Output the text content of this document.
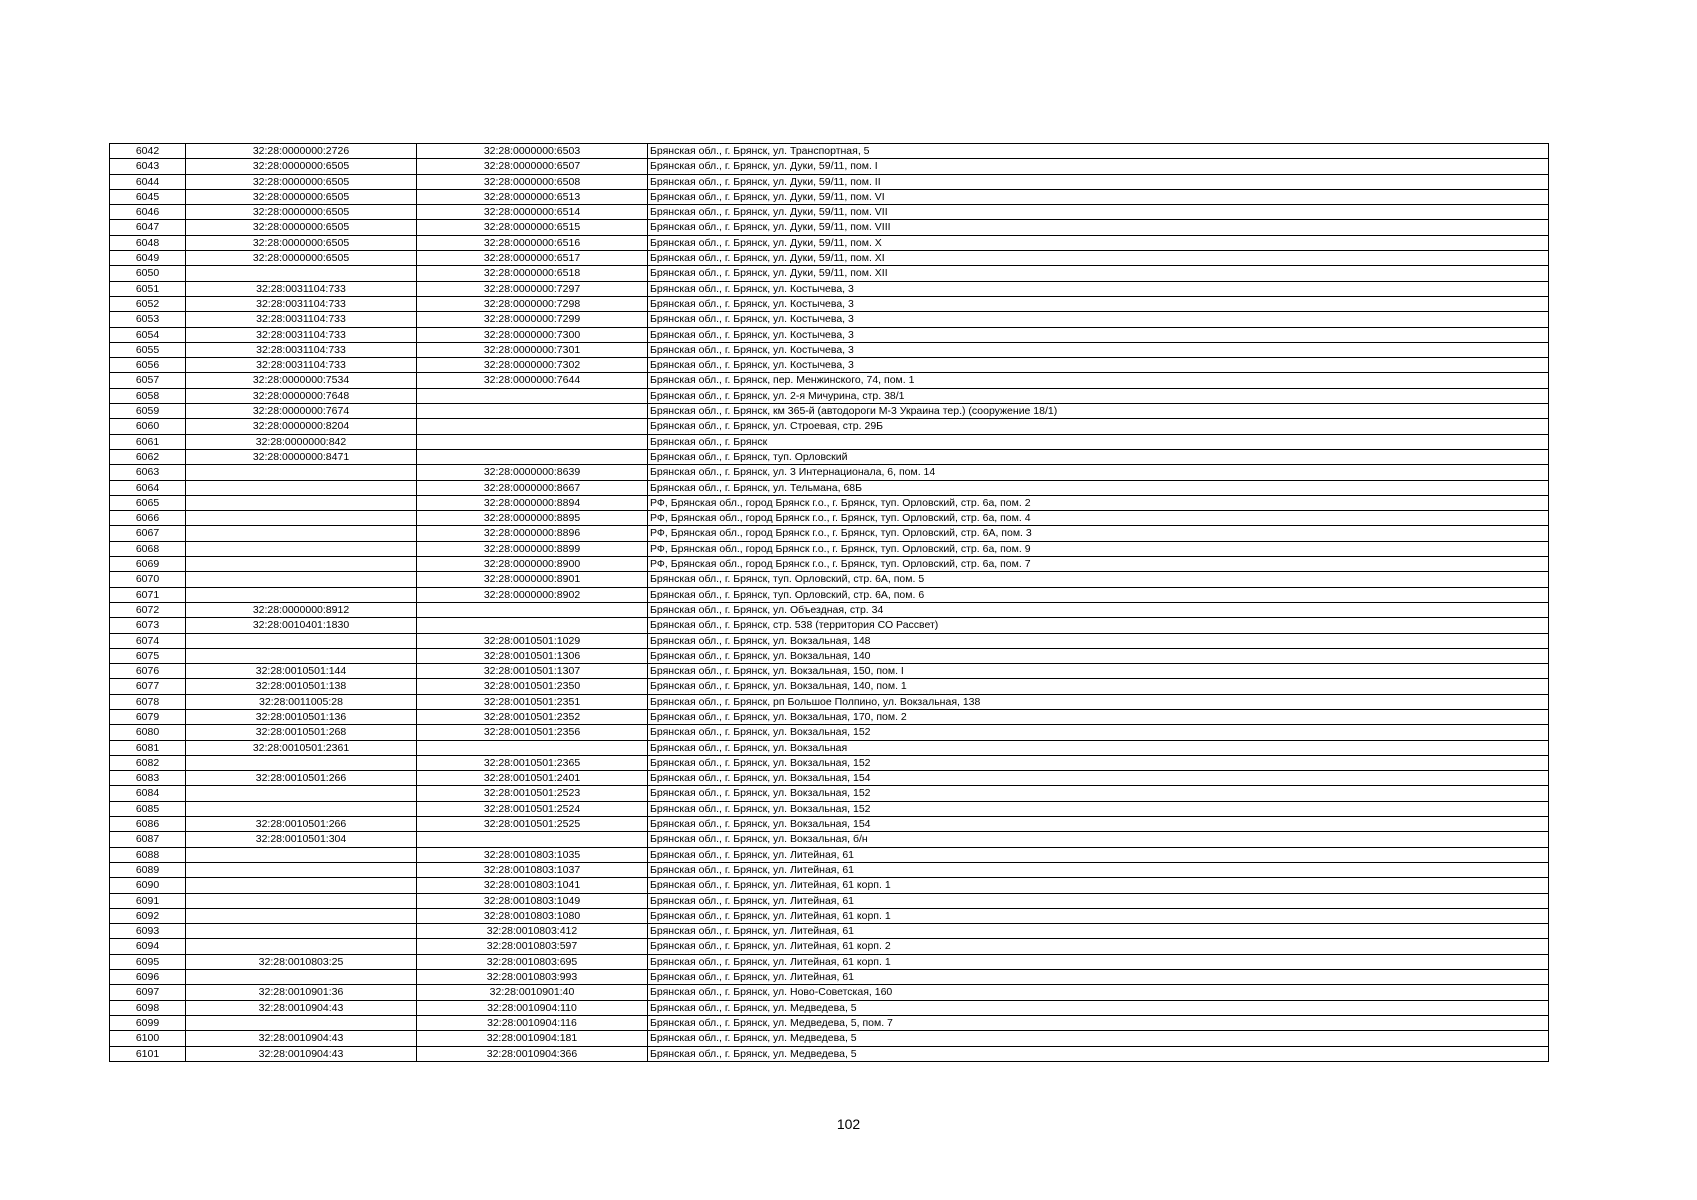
6042	32:28:0000000:2726	32:28:0000000:6503	Брянская обл., г. Брянск, ул. Транспортная, 5
6043	32:28:0000000:6505	32:28:0000000:6507	Брянская обл., г. Брянск, ул. Дуки, 59/11, пом. I
6044	32:28:0000000:6505	32:28:0000000:6508	Брянская обл., г. Брянск, ул. Дуки, 59/11, пом. II
6045	32:28:0000000:6505	32:28:0000000:6513	Брянская обл., г. Брянск, ул. Дуки, 59/11, пом. VI
6046	32:28:0000000:6505	32:28:0000000:6514	Брянская обл., г. Брянск, ул. Дуки, 59/11, пом. VII
6047	32:28:0000000:6505	32:28:0000000:6515	Брянская обл., г. Брянск, ул. Дуки, 59/11, пом. VIII
6048	32:28:0000000:6505	32:28:0000000:6516	Брянская обл., г. Брянск, ул. Дуки, 59/11, пом. X
6049	32:28:0000000:6505	32:28:0000000:6517	Брянская обл., г. Брянск, ул. Дуки, 59/11, пом. XI
6050		32:28:0000000:6518	Брянская обл., г. Брянск, ул. Дуки, 59/11, пом. XII
6051	32:28:0031104:733	32:28:0000000:7297	Брянская обл., г. Брянск, ул. Костычева, 3
6052	32:28:0031104:733	32:28:0000000:7298	Брянская обл., г. Брянск, ул. Костычева, 3
6053	32:28:0031104:733	32:28:0000000:7299	Брянская обл., г. Брянск, ул. Костычева, 3
6054	32:28:0031104:733	32:28:0000000:7300	Брянская обл., г. Брянск, ул. Костычева, 3
6055	32:28:0031104:733	32:28:0000000:7301	Брянская обл., г. Брянск, ул. Костычева, 3
6056	32:28:0031104:733	32:28:0000000:7302	Брянская обл., г. Брянск, ул. Костычева, 3
6057	32:28:0000000:7534	32:28:0000000:7644	Брянская обл., г. Брянск, пер. Менжинского, 74, пом. 1
6058	32:28:0000000:7648		Брянская обл., г. Брянск, ул. 2-я Мичурина, стр. 38/1
6059	32:28:0000000:7674		Брянская обл., г. Брянск, км 365-й (автодороги М-3 Украина тер.) (сооружение 18/1)
6060	32:28:0000000:8204		Брянская обл., г. Брянск, ул. Строевая, стр. 29Б
6061	32:28:0000000:842		Брянская обл., г. Брянск
6062	32:28:0000000:8471		Брянская обл., г. Брянск, туп. Орловский
6063		32:28:0000000:8639	Брянская обл., г. Брянск, ул. 3 Интернационала, 6, пом. 14
6064		32:28:0000000:8667	Брянская обл., г. Брянск, ул. Тельмана, 68Б
6065		32:28:0000000:8894	РФ, Брянская обл., город Брянск г.о., г. Брянск, туп. Орловский, стр. 6а, пом. 2
6066		32:28:0000000:8895	РФ, Брянская обл., город Брянск г.о., г. Брянск, туп. Орловский, стр. 6а, пом. 4
6067		32:28:0000000:8896	РФ, Брянская обл., город Брянск г.о., г. Брянск, туп. Орловский, стр. 6А, пом. 3
6068		32:28:0000000:8899	РФ, Брянская обл., город Брянск г.о., г. Брянск, туп. Орловский, стр. 6а, пом. 9
6069		32:28:0000000:8900	РФ, Брянская обл., город Брянск г.о., г. Брянск, туп. Орловский, стр. 6а, пом. 7
6070		32:28:0000000:8901	Брянская обл., г. Брянск, туп. Орловский, стр. 6А, пом. 5
6071		32:28:0000000:8902	Брянская обл., г. Брянск, туп. Орловский, стр. 6А, пом. 6
6072	32:28:0000000:8912		Брянская обл., г. Брянск, ул. Объездная, стр. 34
6073	32:28:0010401:1830		Брянская обл., г. Брянск, стр. 538 (территория СО Рассвет)
6074		32:28:0010501:1029	Брянская обл., г. Брянск, ул. Вокзальная, 148
6075		32:28:0010501:1306	Брянская обл., г. Брянск, ул. Вокзальная, 140
6076	32:28:0010501:144	32:28:0010501:1307	Брянская обл., г. Брянск, ул. Вокзальная, 150, пом. I
6077	32:28:0010501:138	32:28:0010501:2350	Брянская обл., г. Брянск, ул. Вокзальная, 140, пом. 1
6078	32:28:0011005:28	32:28:0010501:2351	Брянская обл., г. Брянск, рп Большое Полпино, ул. Вокзальная, 138
6079	32:28:0010501:136	32:28:0010501:2352	Брянская обл., г. Брянск, ул. Вокзальная, 170, пом. 2
6080	32:28:0010501:268	32:28:0010501:2356	Брянская обл., г. Брянск, ул. Вокзальная, 152
6081	32:28:0010501:2361		Брянская обл., г. Брянск, ул. Вокзальная
6082		32:28:0010501:2365	Брянская обл., г. Брянск, ул. Вокзальная, 152
6083	32:28:0010501:266	32:28:0010501:2401	Брянская обл., г. Брянск, ул. Вокзальная, 154
6084		32:28:0010501:2523	Брянская обл., г. Брянск, ул. Вокзальная, 152
6085		32:28:0010501:2524	Брянская обл., г. Брянск, ул. Вокзальная, 152
6086	32:28:0010501:266	32:28:0010501:2525	Брянская обл., г. Брянск, ул. Вокзальная, 154
6087	32:28:0010501:304		Брянская обл., г. Брянск, ул. Вокзальная, б/н
6088		32:28:0010803:1035	Брянская обл., г. Брянск, ул. Литейная, 61
6089		32:28:0010803:1037	Брянская обл., г. Брянск, ул. Литейная, 61
6090		32:28:0010803:1041	Брянская обл., г. Брянск, ул. Литейная, 61 корп. 1
6091		32:28:0010803:1049	Брянская обл., г. Брянск, ул. Литейная, 61
6092		32:28:0010803:1080	Брянская обл., г. Брянск, ул. Литейная, 61 корп. 1
6093		32:28:0010803:412	Брянская обл., г. Брянск, ул. Литейная, 61
6094		32:28:0010803:597	Брянская обл., г. Брянск, ул. Литейная, 61 корп. 2
6095	32:28:0010803:25	32:28:0010803:695	Брянская обл., г. Брянск, ул. Литейная, 61 корп. 1
6096		32:28:0010803:993	Брянская обл., г. Брянск, ул. Литейная, 61
6097	32:28:0010901:36	32:28:0010901:40	Брянская обл., г. Брянск, ул. Ново-Советская, 160
6098	32:28:0010904:43	32:28:0010904:110	Брянская обл., г. Брянск, ул. Медведева, 5
6099		32:28:0010904:116	Брянская обл., г. Брянск, ул. Медведева, 5, пом. 7
6100	32:28:0010904:43	32:28:0010904:181	Брянская обл., г. Брянск, ул. Медведева, 5
6101	32:28:0010904:43	32:28:0010904:366	Брянская обл., г. Брянск, ул. Медведева, 5
102
